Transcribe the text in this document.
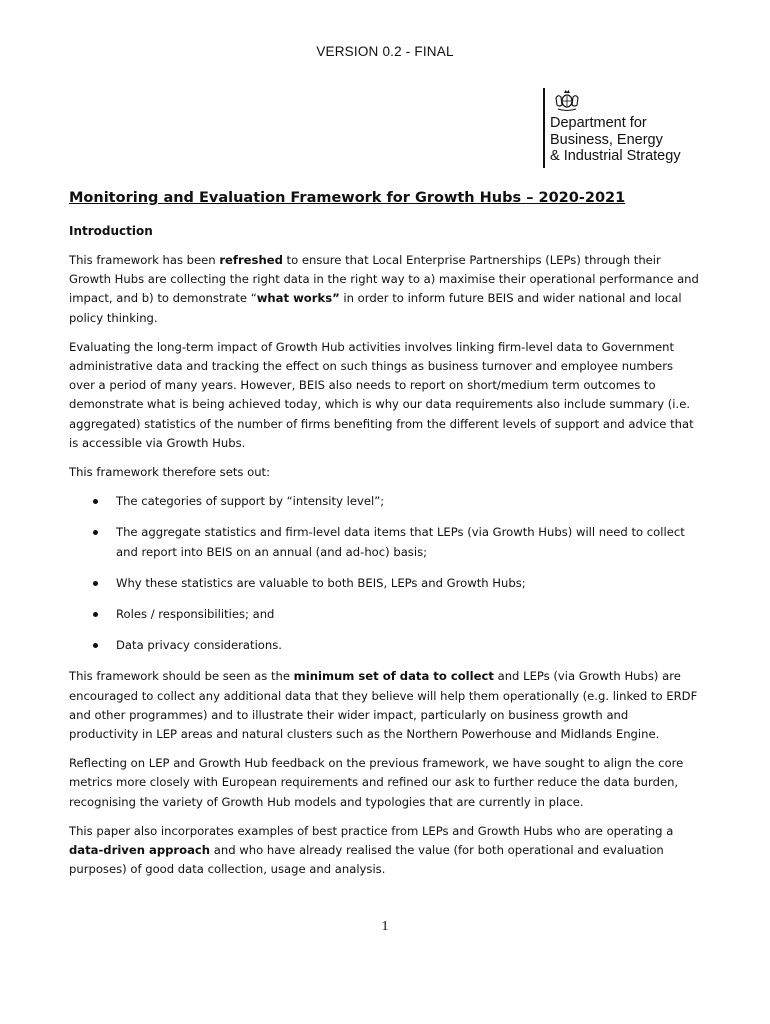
VERSION 0.2 - FINAL
Department for
Business, Energy
& Industrial Strategy
Monitoring and Evaluation Framework for Growth Hubs – 2020-2021
Introduction

This framework has been refreshed to ensure that Local Enterprise Partnerships (LEPs) through their Growth Hubs are collecting the right data in the right way to a) maximise their operational performance and impact, and b) to demonstrate “what works” in order to inform future BEIS and wider national and local policy thinking.

Evaluating the long-term impact of Growth Hub activities involves linking firm-level data to Government administrative data and tracking the effect on such things as business turnover and employee numbers over a period of many years. However, BEIS also needs to report on short/medium term outcomes to demonstrate what is being achieved today, which is why our data requirements also include summary (i.e. aggregated) statistics of the number of firms benefiting from the different levels of support and advice that is accessible via Growth Hubs.

This framework therefore sets out:

The categories of support by “intensity level”;
The aggregate statistics and firm-level data items that LEPs (via Growth Hubs) will need to collect and report into BEIS on an annual (and ad-hoc) basis;
Why these statistics are valuable to both BEIS, LEPs and Growth Hubs;
Roles / responsibilities; and
Data privacy considerations.

This framework should be seen as the minimum set of data to collect and LEPs (via Growth Hubs) are encouraged to collect any additional data that they believe will help them operationally (e.g. linked to ERDF and other programmes) and to illustrate their wider impact, particularly on business growth and productivity in LEP areas and natural clusters such as the Northern Powerhouse and Midlands Engine.

Reflecting on LEP and Growth Hub feedback on the previous framework, we have sought to align the core metrics more closely with European requirements and refined our ask to further reduce the data burden, recognising the variety of Growth Hub models and typologies that are currently in place.

This paper also incorporates examples of best practice from LEPs and Growth Hubs who are operating a data-driven approach and who have already realised the value (for both operational and evaluation purposes) of good data collection, usage and analysis.

1
